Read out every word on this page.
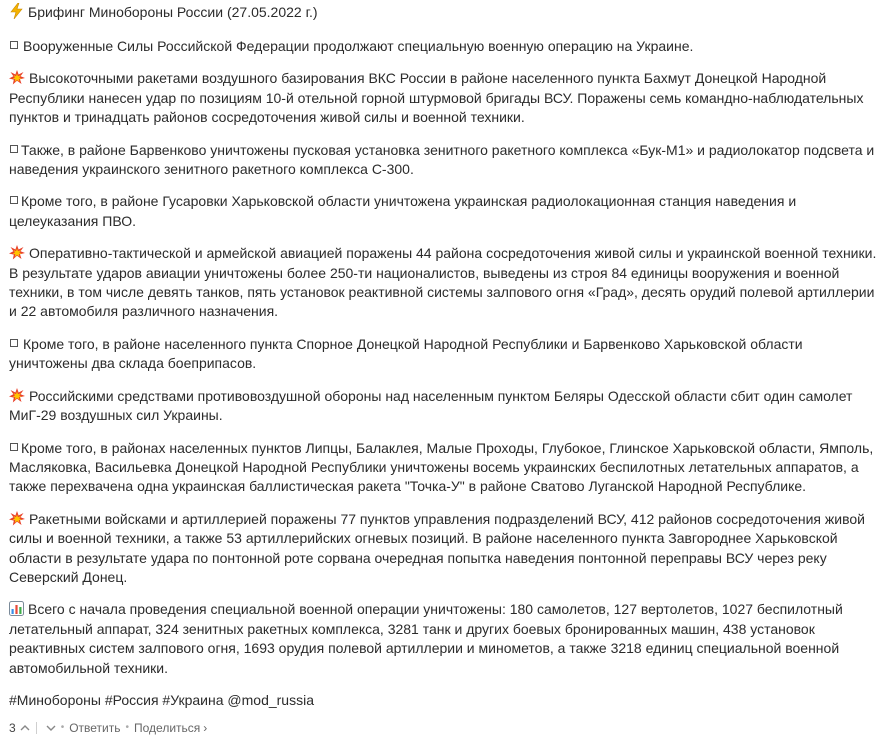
Брифинг Минобороны России (27.05.2022 г.)
Вооруженные Силы Российской Федерации продолжают специальную военную операцию на Украине.
Высокоточными ракетами воздушного базирования ВКС России в районе населенного пункта Бахмут Донецкой Народной Республики нанесен удар по позициям 10-й отельной горной штурмовой бригады ВСУ. Поражены семь командно-наблюдательных пунктов и тринадцать районов сосредоточения живой силы и военной техники.
Также, в районе Барвенково уничтожены пусковая установка зенитного ракетного комплекса «Бук-М1» и радиолокатор подсвета и наведения украинского зенитного ракетного комплекса С-300.
Кроме того, в районе Гусаровки Харьковской области уничтожена украинская радиолокационная станция наведения и целеуказания ПВО.
Оперативно-тактической и армейской авиацией поражены 44 района сосредоточения живой силы и украинской военной техники. В результате ударов авиации уничтожены более 250-ти националистов, выведены из строя 84 единицы вооружения и военной техники, в том числе девять танков, пять установок реактивной системы залпового огня «Град», десять орудий полевой артиллерии и 22 автомобиля различного назначения.
Кроме того, в районе населенного пункта Спорное Донецкой Народной Республики и Барвенково Харьковской области уничтожены два склада боеприпасов.
Российскими средствами противовоздушной обороны над населенным пунктом Беляры Одесской области сбит один самолет МиГ-29 воздушных сил Украины.
Кроме того, в районах населенных пунктов Липцы, Балаклея, Малые Проходы, Глубокое, Глинское Харьковской области, Ямполь, Масляковка, Васильевка Донецкой Народной Республики уничтожены восемь украинских беспилотных летательных аппаратов, а также перехвачена одна украинская баллистическая ракета "Точка-У" в районе Сватово Луганской Народной Республике.
Ракетными войсками и артиллерией поражены 77 пунктов управления подразделений ВСУ, 412 районов сосредоточения живой силы и военной техники, а также 53 артиллерийских огневых позиций. В районе населенного пункта Завгороднее Харьковской области в результате удара по понтонной роте сорвана очередная попытка наведения понтонной переправы ВСУ через реку Северский Донец.
Всего с начала проведения специальной военной операции уничтожены: 180 самолетов, 127 вертолетов, 1027 беспилотный летательный аппарат, 324 зенитных ракетных комплекса, 3281 танк и других боевых бронированных машин, 438 установок реактивных систем залпового огня, 1693 орудия полевой артиллерии и минометов, а также 3218 единиц специальной военной автомобильной техники.
#Минобороны #Россия #Украина @mod_russia
3	• Ответить • Поделиться ›
